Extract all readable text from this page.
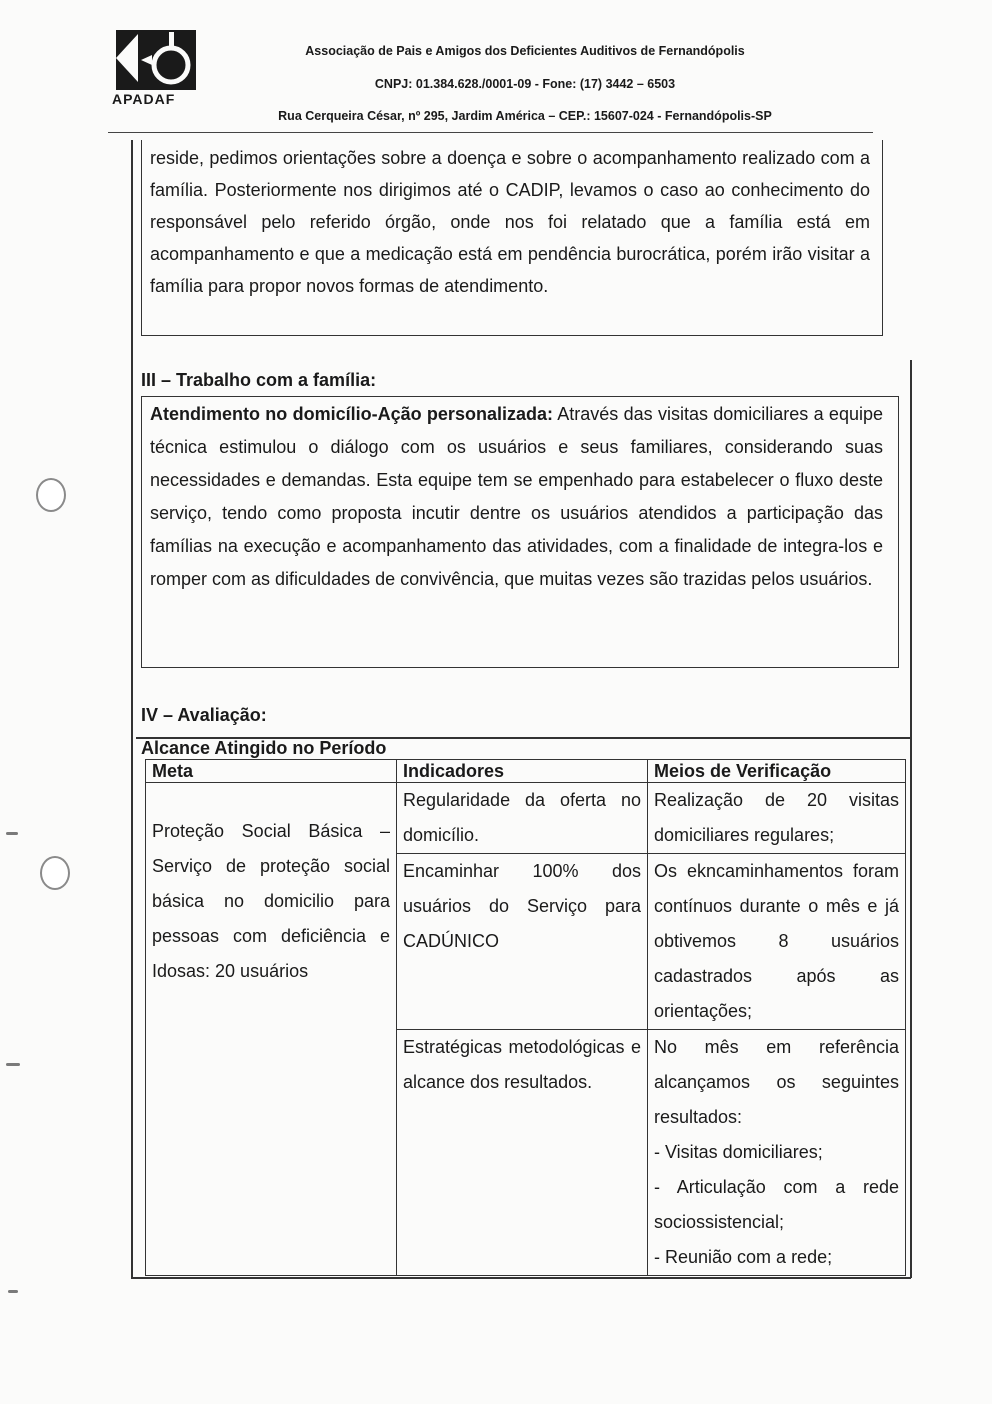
APADAF
Associação de Pais e Amigos dos Deficientes Auditivos de Fernandópolis
CNPJ: 01.384.628./0001-09 - Fone: (17) 3442 – 6503
Rua Cerqueira César, nº 295, Jardim América – CEP.: 15607-024 - Fernandópolis-SP

reside, pedimos orientações sobre a doença e sobre o acompanhamento realizado com a família. Posteriormente nos dirigimos até o CADIP, levamos o caso ao conhecimento do responsável pelo referido órgão, onde nos foi relatado que a família está em acompanhamento e que a medicação está em pendência burocrática, porém irão visitar a família para propor novos formas de atendimento.

III – Trabalho com a família:

Atendimento no domicílio-Ação personalizada: Através das visitas domiciliares a equipe técnica estimulou o diálogo com os usuários e seus familiares, considerando suas necessidades e demandas. Esta equipe tem se empenhado para estabelecer o fluxo deste serviço, tendo como proposta incutir dentre os usuários atendidos a participação das famílias na execução e acompanhamento das atividades, com a finalidade de integra-los e romper com as dificuldades de convivência, que muitas vezes são trazidas pelos usuários.

IV – Avaliação:
Alcance Atingido no Período
Meta	Indicadores	Meios de Verificação
Proteção Social Básica – Serviço de proteção social básica no domicilio para pessoas com deficiência e Idosas: 20 usuários	Regularidade da oferta no domicílio.	Realização de 20 visitas domiciliares regulares;
	Encaminhar 100% dos usuários do Serviço para CADÚNICO	Os ekncaminhamentos foram contínuos durante o mês e já obtivemos 8 usuários cadastrados após as orientações;
	Estratégicas metodológicas e alcance dos resultados.	No mês em referência alcançamos os seguintes resultados:
- Visitas domiciliares;
- Articulação com a rede sociossistencial;
- Reunião com a rede;
